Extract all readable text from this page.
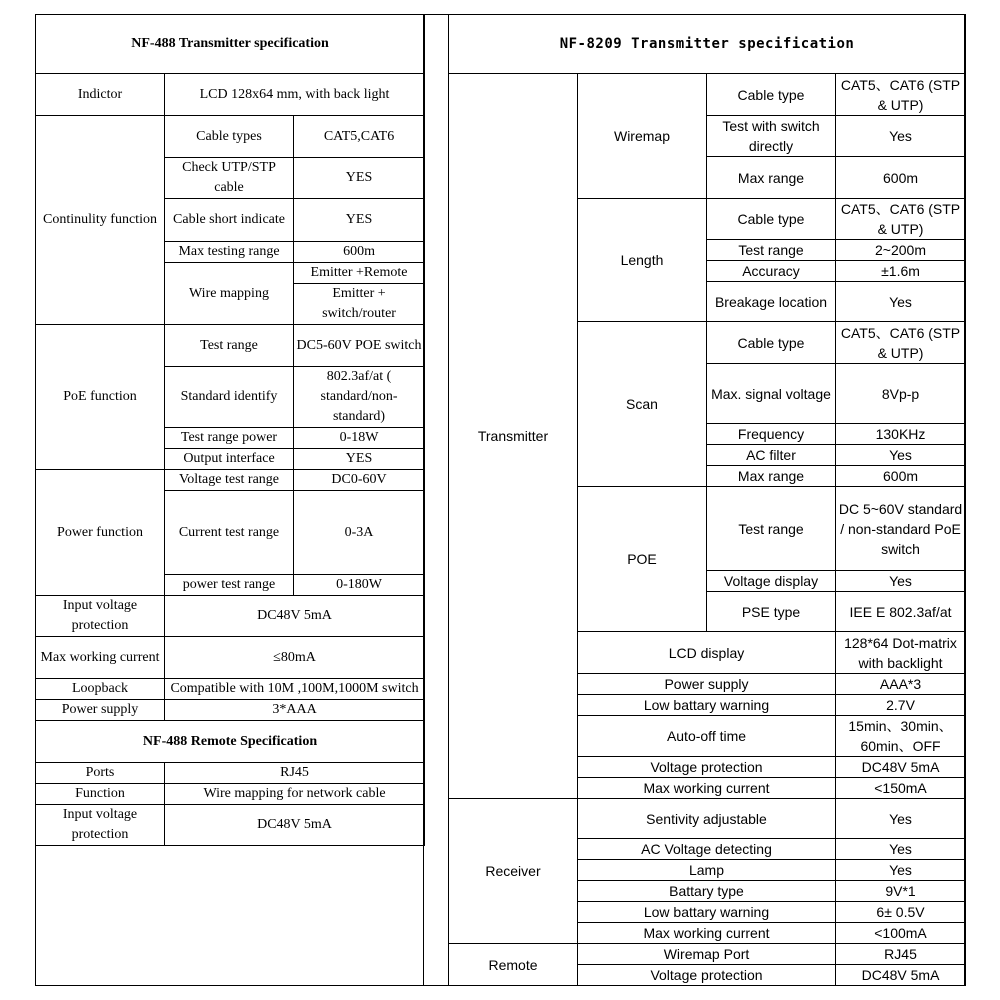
NF-488 Transmitter specification		
Indictor	LCD 128x64 mm, with back light	
Continulity function	Cable types	CAT5,CAT6
	Check UTP/STP cable	YES
	Cable short indicate	YES
	Max testing range	600m
	Wire mapping	Emitter +Remote
		Emitter + switch/router
PoE function	Test range	DC5-60V POE switch
	Standard identify	802.3af/at ( standard/non-standard)
	Test range power	0-18W
	Output interface	YES
Power function	Voltage test range	DC0-60V
	Current test range	0-3A
	power test range	0-180W
Input voltage protection	DC48V 5mA	
Max working current	≤80mA	
Loopback	Compatible with 10M ,100M,1000M switch	
Power supply	3*AAA	
NF-488 Remote Specification		
Ports	RJ45	
Function	Wire mapping for network cable	
Input voltage protection	DC48V 5mA	
NF-8209 Transmitter specification			
Transmitter	Wiremap	Cable type	CAT5、CAT6 (STP & UTP)
		Test with switch directly	Yes
		Max range	600m
	Length	Cable type	CAT5、CAT6 (STP & UTP)
		Test range	2~200m
		Accuracy	±1.6m
		Breakage location	Yes
	Scan	Cable type	CAT5、CAT6 (STP & UTP)
		Max. signal voltage	8Vp-p
		Frequency	130KHz
		AC filter	Yes
		Max range	600m
	POE	Test range	DC 5~60V standard / non-standard PoE switch
		Voltage display	Yes
		PSE type	IEE E 802.3af/at
	LCD display		128*64 Dot-matrix with backlight
	Power supply		AAA*3
	Low battary warning		2.7V
	Auto-off time		15min、30min、60min、OFF
	Voltage protection		DC48V 5mA
	Max working current		<150mA
Receiver	Sentivity adjustable		Yes
	AC Voltage detecting		Yes
	Lamp		Yes
	Battary type		9V*1
	Low battary warning		6± 0.5V
	Max working current		<100mA
Remote	Wiremap Port		RJ45
	Voltage protection		DC48V 5mA
